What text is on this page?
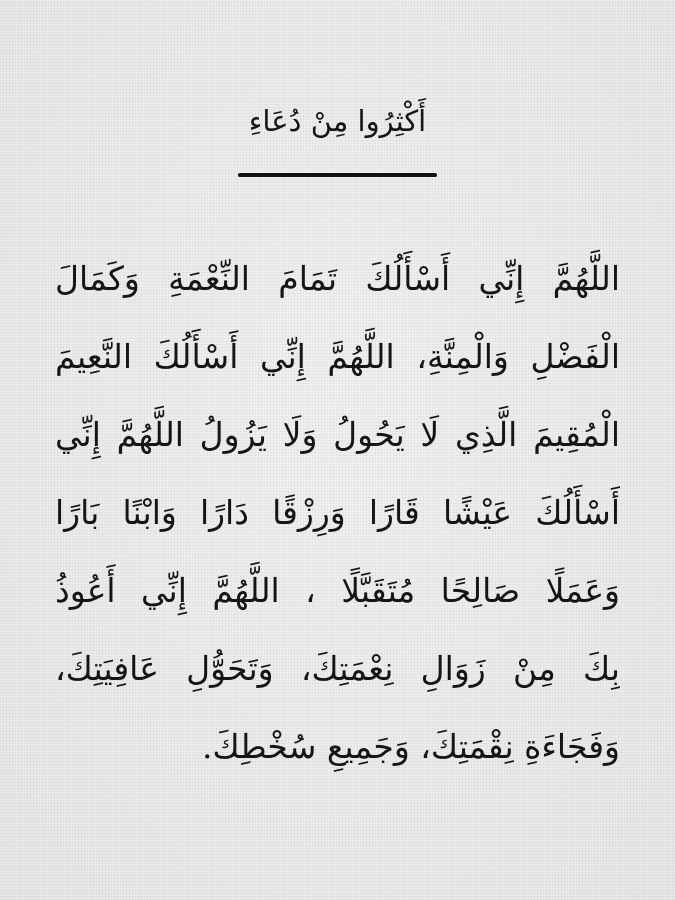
أَكْثِرُوا مِنْ دُعَاءِ
اللَّهُمَّ إِنِّي أَسْأَلُكَ تَمَامَ النِّعْمَةِ وَكَمَالَ
الْفَضْلِ وَالْمِنَّةِ، اللَّهُمَّ إِنِّي أَسْأَلُكَ النَّعِيمَ
الْمُقِيمَ الَّذِي لَا يَحُولُ وَلَا يَزُولُ اللَّهُمَّ إِنِّي
أَسْأَلُكَ عَيْشًا قَارًا وَرِزْقًا دَارًا وَابْنًا بَارًا
وَعَمَلًا صَالِحًا مُتَقَبَّلًا ، اللَّهُمَّ إِنِّي أَعُوذُ
بِكَ مِنْ زَوَالِ نِعْمَتِكَ، وَتَحَوُّلِ عَافِيَتِكَ،
وَفَجَاءَةِ نِقْمَتِكَ، وَجَمِيعِ سُخْطِكَ.
